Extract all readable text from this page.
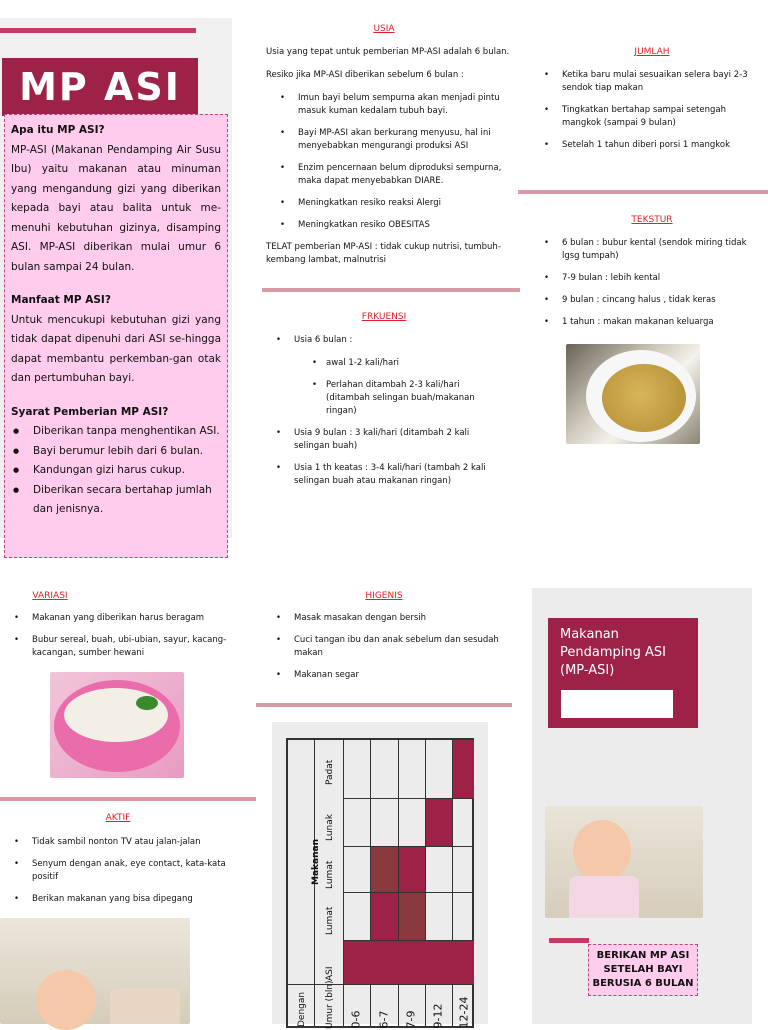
MP ASI
Apa itu MP ASI?

MP-ASI (Makanan Pendamping Air Susu Ibu) yaitu makanan atau minuman yang mengandung gizi yang diberikan kepada bayi atau balita untuk me-menuhi kebutuhan gizinya, disamping ASI. MP-ASI diberikan mulai umur 6 bulan sampai 24 bulan.

Manfaat MP ASI?

Untuk mencukupi kebutuhan gizi yang tidak dapat dipenuhi dari ASI se-hingga dapat membantu perkemban-gan otak dan pertumbuhan bayi.

Syarat Pemberian MP ASI?
● Diberikan tanpa menghentikan ASI.
● Bayi berumur lebih dari 6 bulan.
● Kandungan gizi harus cukup.
● Diberikan secara bertahap jumlah dan jenisnya.
USIA
Usia yang tepat untuk pemberian MP-ASI adalah 6 bulan.
Resiko jika MP-ASI diberikan sebelum 6 bulan :
• Imun bayi belum sempurna akan menjadi pintu masuk kuman kedalam tubuh bayi.
• Bayi MP-ASI akan berkurang menyusu, hal ini menyebabkan mengurangi produksi ASI
• Enzim pencernaan belum diproduksi sempurna, maka dapat menyebabkan DIARE.
• Meningkatkan resiko reaksi Alergi
• Meningkatkan resiko OBESITAS
TELAT pemberian MP-ASI : tidak cukup nutrisi, tumbuh-kembang lambat, malnutrisi
FRKUENSI
• Usia 6 bulan :
• awal 1-2 kali/hari
• Perlahan ditambah 2-3 kali/hari (ditambah selingan buah/makanan ringan)
• Usia 9 bulan : 3 kali/hari (ditambah 2 kali selingan buah)
• Usia 1 th keatas : 3-4 kali/hari (tambah 2 kali selingan buah atau makanan ringan)
JUMLAH
• Ketika baru mulai sesuaikan selera bayi 2-3 sendok tiap makan
• Tingkatkan bertahap sampai setengah mangkok (sampai 9 bulan)
• Setelah 1 tahun diberi porsi 1 mangkok
TEKSTUR
• 6 bulan : bubur kental (sendok miring tidak lgsg tumpah)
• 7-9 bulan : lebih kental
• 9 bulan : cincang halus , tidak keras
• 1 tahun : makan makanan keluarga
VARIASI
• Makanan yang diberikan harus beragam
• Bubur sereal, buah, ubi-ubian, sayur, kacang-kacangan, sumber hewani
AKTIF
• Tidak sambil nonton TV atau jalan-jalan
• Senyum dengan anak, eye contact, kata-kata positif
• Berikan makanan yang bisa dipegang
HIGENIS
• Masak masakan dengan bersih
• Cuci tangan ibu dan anak sebelum dan sesudah makan
• Makanan segar
Makanan
Padat
Lunak
Lumat
Lumat
ASI
Dengan Umur (bln) 0-6 6-7 7-9 9-12 12-24
Makanan Pendamping ASI (MP-ASI)
BERIKAN MP ASI SETELAH BAYI BERUSIA 6 BULAN
